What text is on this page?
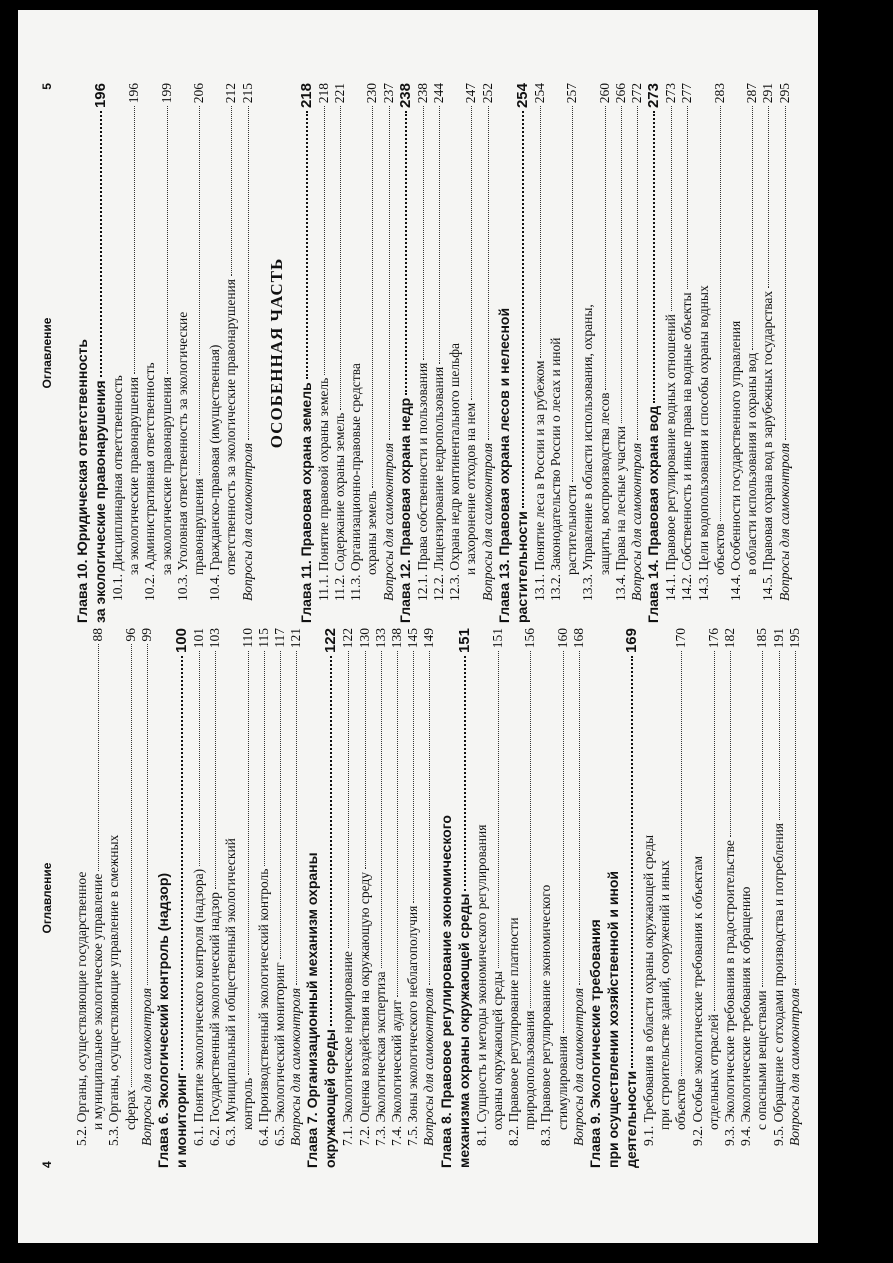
4
Оглавление
Оглавление
5
5.2. Органы, осуществляющие государственное и муниципальное экологическое управление
88
5.3. Органы, осуществляющие управление в смежных сферах
96
Вопросы для самоконтроля
99
Глава 6. Экологический контроль (надзор) и мониторинг
100
6.1. Понятие экологического контроля (надзора)
101
6.2. Государственный экологический надзор
103
6.3. Муниципальный и общественный экологический контроль
110
6.4. Производственный экологический контроль
115
6.5. Экологический мониторинг
117
Вопросы для самоконтроля
121
Глава 7. Организационный механизм охраны окружающей среды
122
7.1. Экологическое нормирование
122
7.2. Оценка воздействия на окружающую среду
130
7.3. Экологическая экспертиза
133
7.4. Экологический аудит
138
7.5. Зоны экологического неблагополучия
145
Вопросы для самоконтроля
149
Глава 8. Правовое регулирование экономического механизма охраны окружающей среды
151
8.1. Сущность и методы экономического регулирования охраны окружающей среды
151
8.2. Правовое регулирование платности природопользования
156
8.3. Правовое регулирование экономического стимулирования
160
Вопросы для самоконтроля
168
Глава 9. Экологические требования при осуществлении хозяйственной и иной деятельности
169
9.1. Требования в области охраны окружающей среды при строительстве зданий, сооружений и иных объектов
170
9.2. Особые экологические требования к объектам отдельных отраслей
176
9.3. Экологические требования в градостроительстве
182
9.4. Экологические требования к обращению с опасными веществами
185
9.5. Обращение с отходами производства и потребления
191
Вопросы для самоконтроля
195
Глава 10. Юридическая ответственность за экологические правонарушения
196
10.1. Дисциплинарная ответственность за экологические правонарушения
196
10.2. Административная ответственность за экологические правонарушения
199
10.3. Уголовная ответственность за экологические правонарушения
206
10.4. Гражданско-правовая (имущественная) ответственность за экологические правонарушения
212
Вопросы для самоконтроля
215
ОСОБЕННАЯ ЧАСТЬ
Глава 11. Правовая охрана земель
218
11.1. Понятие правовой охраны земель
218
11.2. Содержание охраны земель
221
11.3. Организационно-правовые средства охраны земель
230
Вопросы для самоконтроля
237
Глава 12. Правовая охрана недр
238
12.1. Права собственности и пользования
238
12.2. Лицензирование недропользования
244
12.3. Охрана недр континентального шельфа и захоронение отходов на нем
247
Вопросы для самоконтроля
252
Глава 13. Правовая охрана лесов и нелесной растительности
254
13.1. Понятие леса в России и за рубежом
254
13.2. Законодательство России о лесах и иной растительности
257
13.3. Управление в области использования, охраны, защиты, воспроизводства лесов
260
13.4. Права на лесные участки
266
Вопросы для самоконтроля
272
Глава 14. Правовая охрана вод
273
14.1. Правовое регулирование водных отношений
273
14.2. Собственность и иные права на водные объекты
277
14.3. Цели водопользования и способы охраны водных объектов
283
14.4. Особенности государственного управления в области использования и охраны вод
287
14.5. Правовая охрана вод в зарубежных государствах
291
Вопросы для самоконтроля
295
